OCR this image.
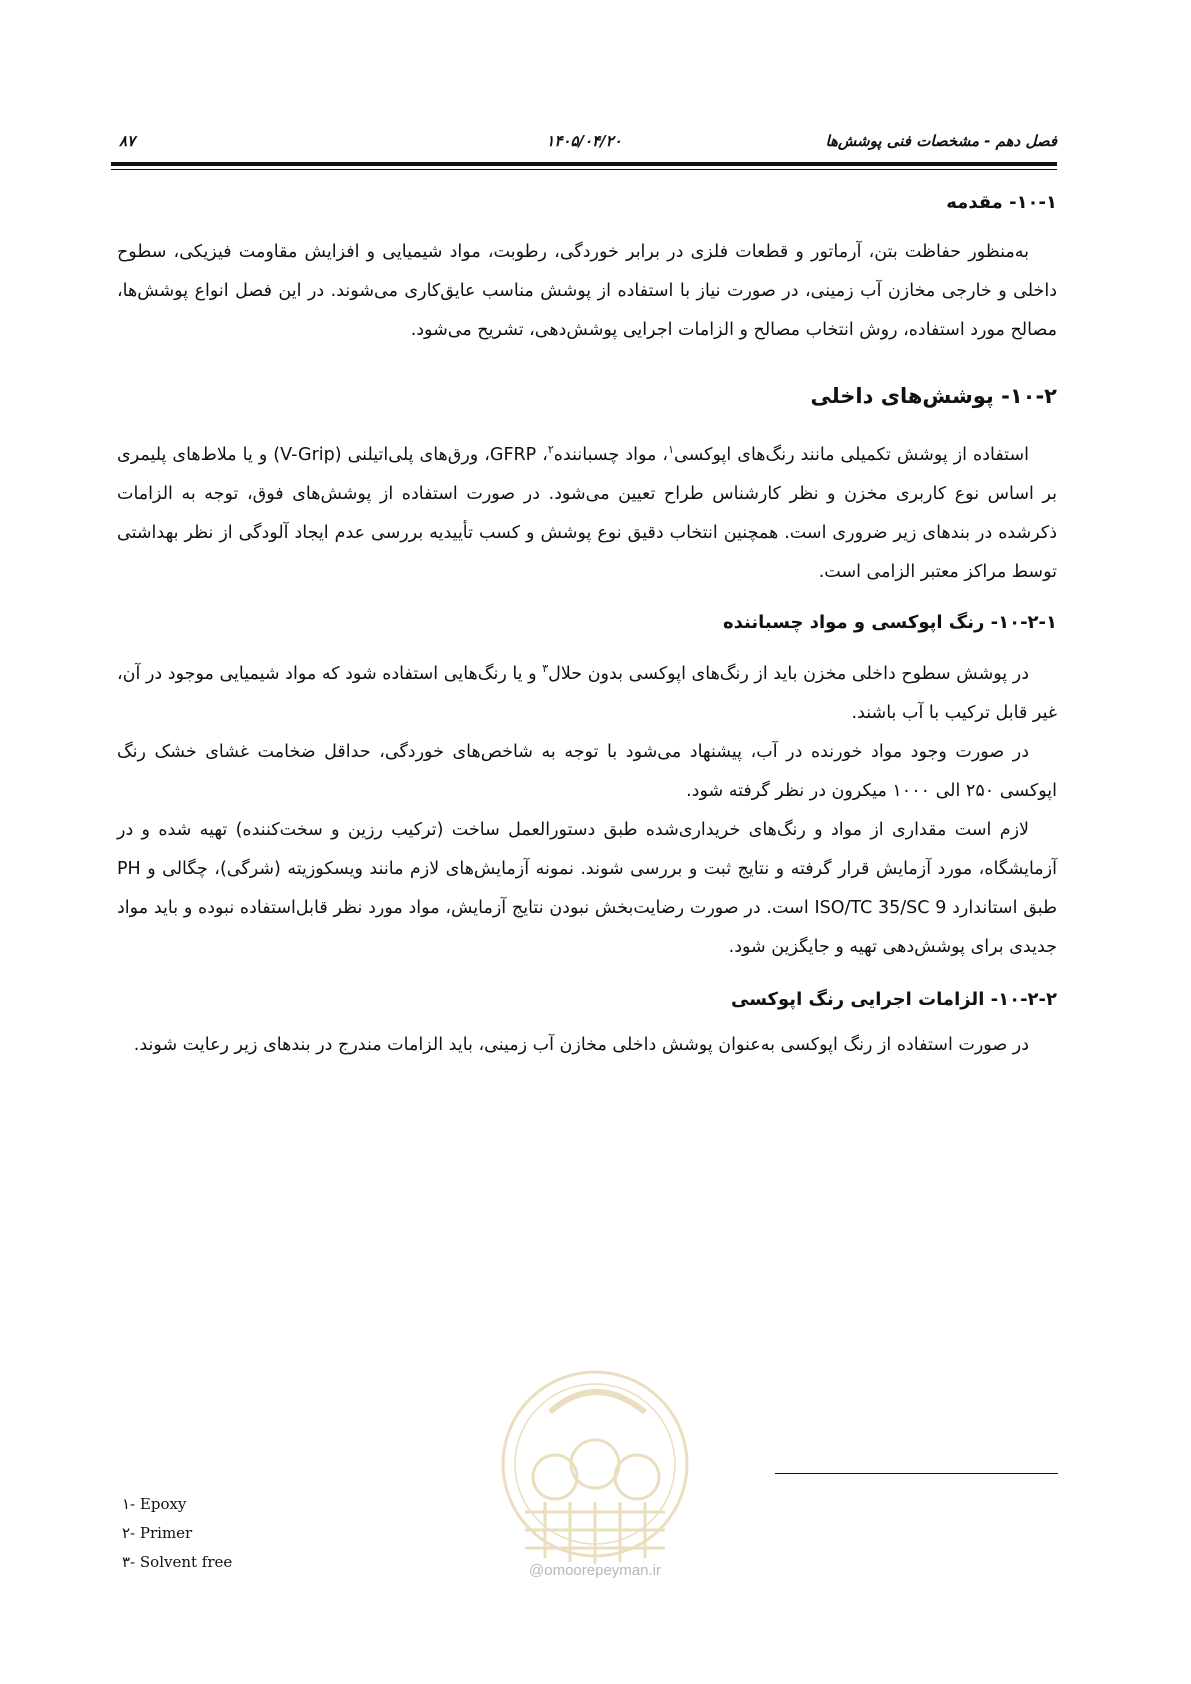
فصل دهم - مشخصات فنی پوشش‌ها
۱۴۰۵/۰۴/۲۰
۸۷
۱۰-۱- مقدمه

به‌منظور حفاظت بتن، آرماتور و قطعات فلزی در برابر خوردگی، رطوبت، مواد شیمیایی و افزایش مقاومت فیزیکی، سطوح داخلی و خارجی مخازن آب زمینی، در صورت نیاز با استفاده از پوشش مناسب عایق‌کاری می‌شوند. در این فصل انواع پوشش‌ها، مصالح مورد استفاده، روش انتخاب مصالح و الزامات اجرایی پوشش‌دهی، تشریح می‌شود.

۱۰-۲- پوشش‌های داخلی

استفاده از پوشش تکمیلی مانند رنگ‌های اپوکسی$^۱$، مواد چسباننده$^۲$، GFRP، ورق‌های پلی‌اتیلنی (V-Grip) و یا ملاط‌های پلیمری بر اساس نوع کاربری مخزن و نظر کارشناس طراح تعیین می‌شود. در صورت استفاده از پوشش‌های فوق، توجه به الزامات ذکرشده در بندهای زیر ضروری است. همچنین انتخاب دقیق نوع پوشش و کسب تأییدیه بررسی عدم ایجاد آلودگی از نظر بهداشتی توسط مراکز معتبر الزامی است.

۱۰-۲-۱- رنگ اپوکسی و مواد چسباننده

در پوشش سطوح داخلی مخزن باید از رنگ‌های اپوکسی بدون حلال$^۳$ و یا رنگ‌هایی استفاده شود که مواد شیمیایی موجود در آن، غیر قابل ترکیب با آب باشند.

در صورت وجود مواد خورنده در آب، پیشنهاد می‌شود با توجه به شاخص‌های خوردگی، حداقل ضخامت غشای خشک رنگ اپوکسی ۲۵۰ الی ۱۰۰۰ میکرون در نظر گرفته شود.

لازم است مقداری از مواد و رنگ‌های خریداری‌شده طبق دستورالعمل ساخت (ترکیب رزین و سخت‌کننده) تهیه شده و در آزمایشگاه، مورد آزمایش قرار گرفته و نتایج ثبت و بررسی شوند. نمونه آزمایش‌های لازم مانند ویسکوزیته (شرگی)، چگالی و PH طبق استاندارد ISO/TC 35/SC 9 است. در صورت رضایت‌بخش نبودن نتایج آزمایش، مواد مورد نظر قابل‌استفاده نبوده و باید مواد جدیدی برای پوشش‌دهی تهیه و جایگزین شود.

۱۰-۲-۲- الزامات اجرایی رنگ اپوکسی

در صورت استفاده از رنگ اپوکسی به‌عنوان پوشش داخلی مخازن آب زمینی، باید الزامات مندرج در بندهای زیر رعایت شوند.

@omoorepeyman.ir

۱- Epoxy

۲- Primer

۳- Solvent free
